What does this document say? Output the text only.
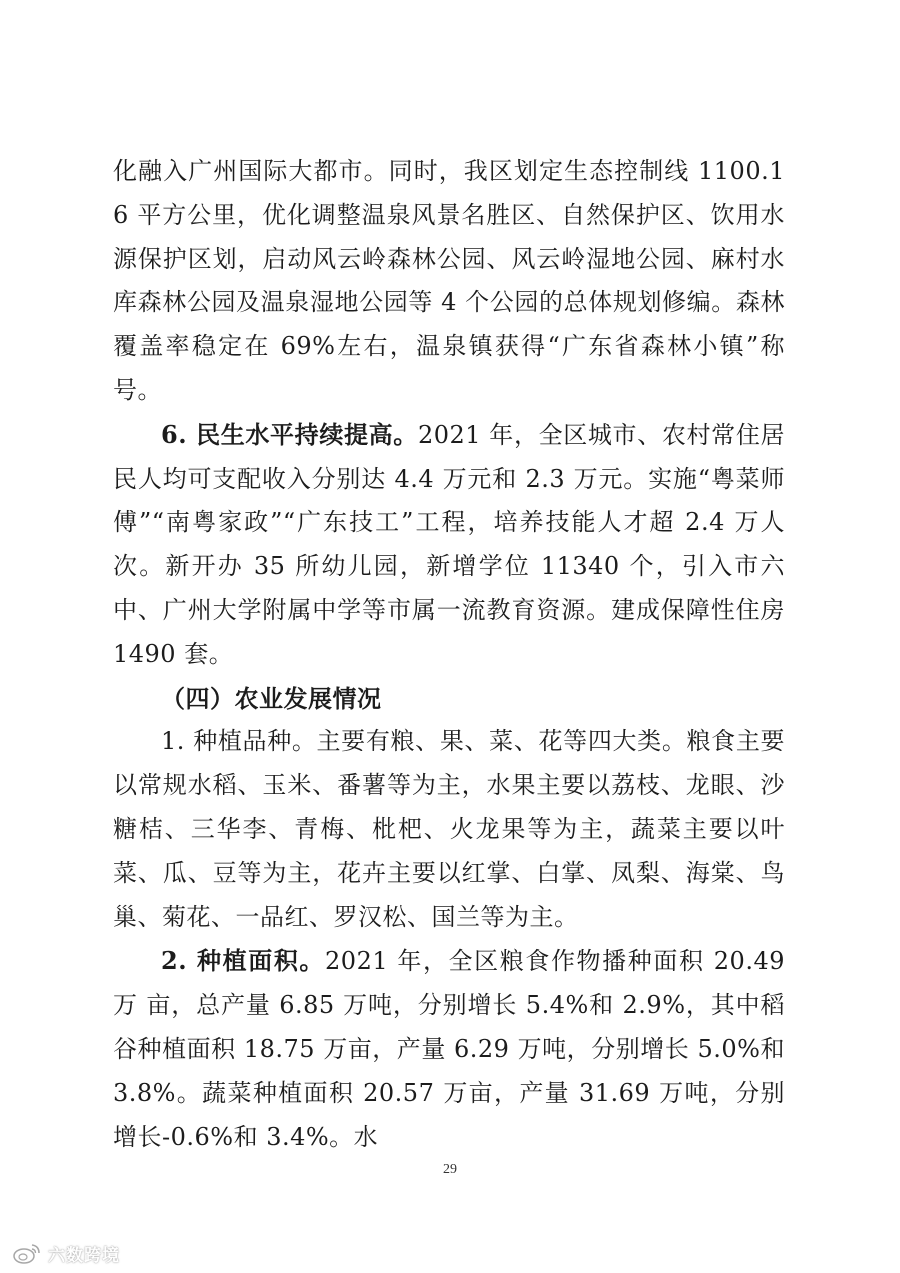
化融入广州国际大都市。同时，我区划定生态控制线 1100.16 平方公里，优化调整温泉风景名胜区、自然保护区、饮用水源保护区划，启动风云岭森林公园、风云岭湿地公园、麻村水库森林公园及温泉湿地公园等 4 个公园的总体规划修编。森林覆盖率稳定在 69%左右，温泉镇获得“广东省森林小镇”称号。

6. 民生水平持续提高。2021 年，全区城市、农村常住居民人均可支配收入分别达 4.4 万元和 2.3 万元。实施“粤菜师傅”“南粤家政”“广东技工”工程，培养技能人才超 2.4 万人次。新开办 35 所幼儿园，新增学位 11340 个，引入市六中、广州大学附属中学等市属一流教育资源。建成保障性住房 1490 套。

（四）农业发展情况

1. 种植品种。主要有粮、果、菜、花等四大类。粮食主要以常规水稻、玉米、番薯等为主，水果主要以荔枝、龙眼、沙糖桔、三华李、青梅、枇杷、火龙果等为主，蔬菜主要以叶菜、瓜、豆等为主，花卉主要以红掌、白掌、凤梨、海棠、鸟巢、菊花、一品红、罗汉松、国兰等为主。

2. 种植面积。2021 年，全区粮食作物播种面积 20.49 万 亩，总产量 6.85 万吨，分别增长 5.4%和 2.9%，其中稻谷种植面积 18.75 万亩，产量 6.29 万吨，分别增长 5.0%和 3.8%。蔬菜种植面积 20.57 万亩，产量 31.69 万吨，分别增长-0.6%和 3.4%。水

29
六数跨境
